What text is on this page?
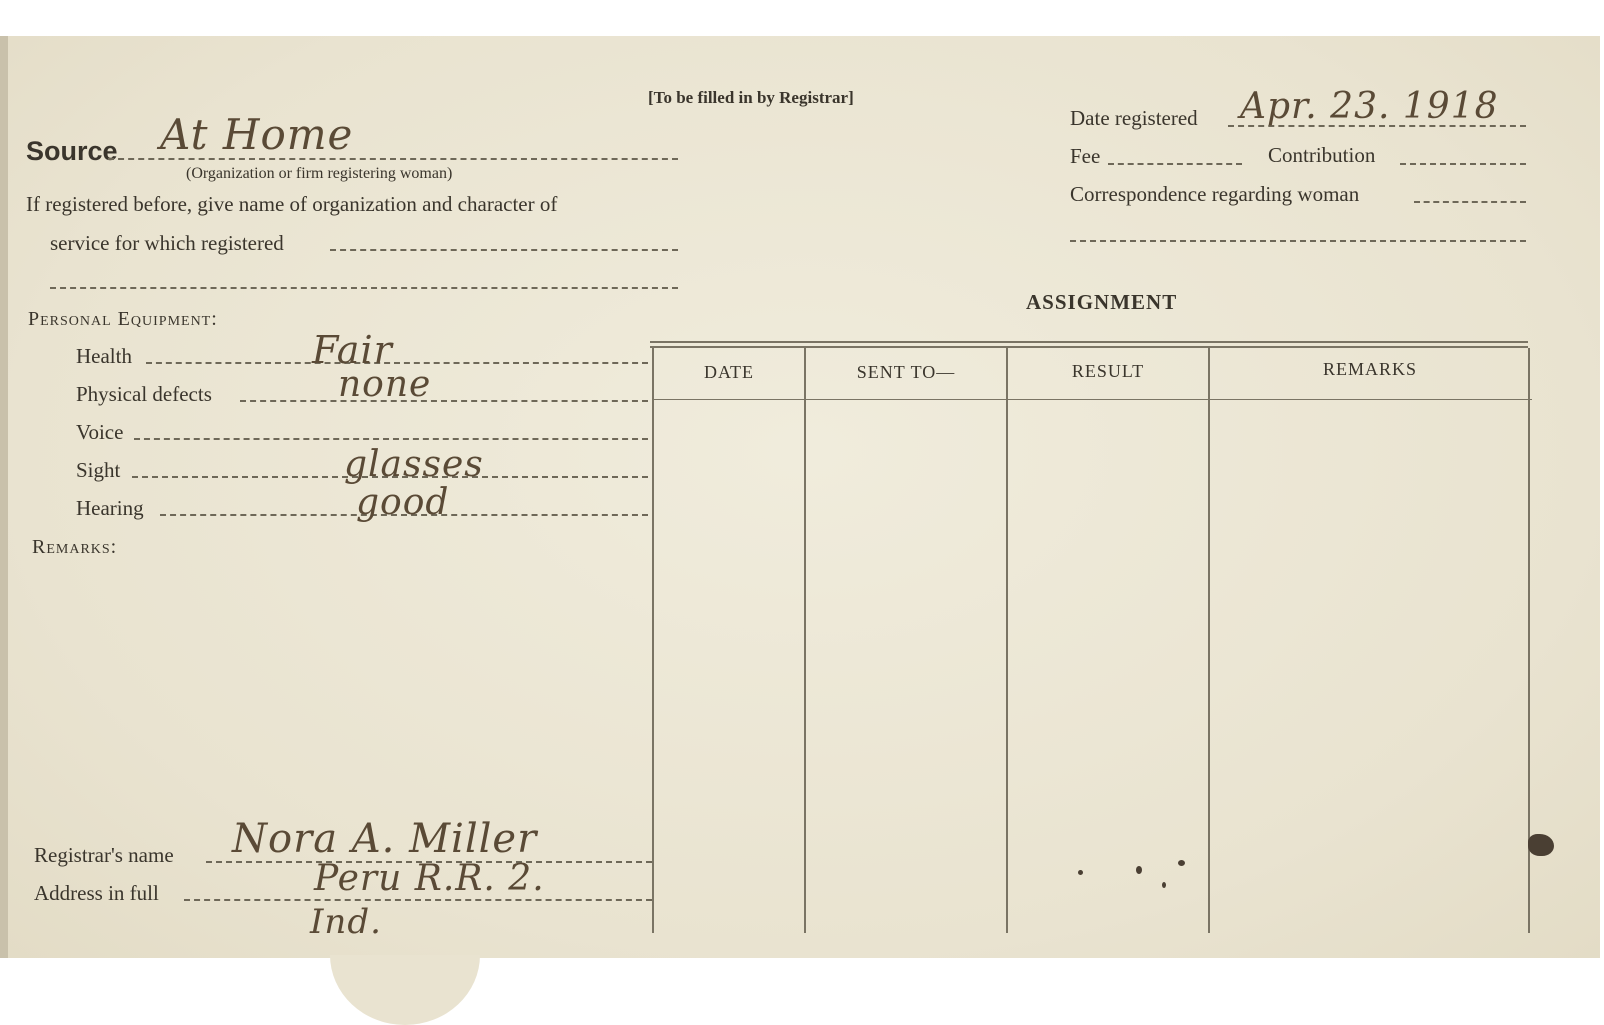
[To be filled in by Registrar]
Source At Home
(Organization or firm registering woman)
If registered before, give name of organization and character of
service for which registered
Date registered Apr. 23. 1918
Fee	Contribution
Correspondence regarding woman
Personal Equipment:
Health	Fair
Physical defects	none
Voice
Sight	glasses
Hearing	good
Remarks:
Registrar's name Nora A. Miller
Address in full	Peru R.R. 2.
Ind.
ASSIGNMENT
DATE	SENT TO—	RESULT	REMARKS
